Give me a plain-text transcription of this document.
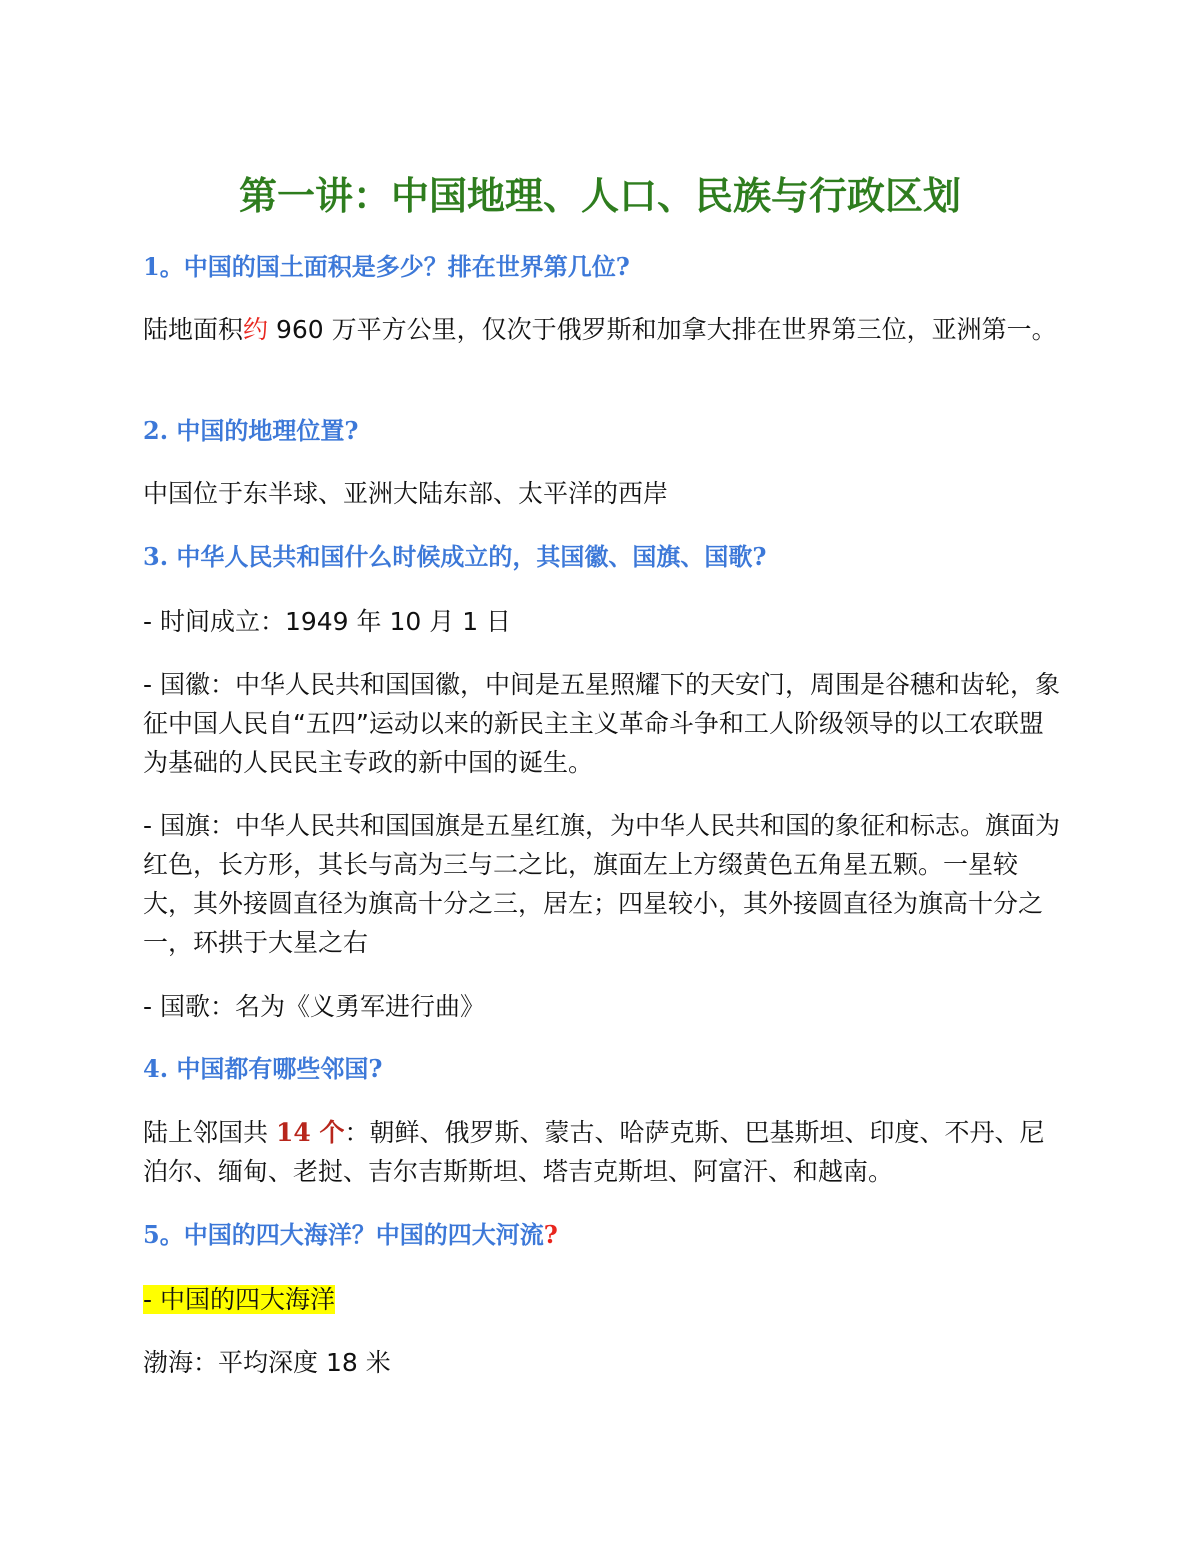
第一讲：中国地理、人口、民族与行政区划

1。中国的国土面积是多少？排在世界第几位?

陆地面积约 960 万平方公里，仅次于俄罗斯和加拿大排在世界第三位，亚洲第一。

2. 中国的地理位置?

中国位于东半球、亚洲大陆东部、太平洋的西岸

3. 中华人民共和国什么时候成立的，其国徽、国旗、国歌?

- 时间成立：1949 年 10 月 1 日

- 国徽：中华人民共和国国徽，中间是五星照耀下的天安门，周围是谷穗和齿轮，象征中国人民自“五四”运动以来的新民主主义革命斗争和工人阶级领导的以工农联盟为基础的人民民主专政的新中国的诞生。

- 国旗：中华人民共和国国旗是五星红旗，为中华人民共和国的象征和标志。旗面为红色，长方形，其长与高为三与二之比，旗面左上方缀黄色五角星五颗。一星较大，其外接圆直径为旗高十分之三，居左；四星较小，其外接圆直径为旗高十分之一，环拱于大星之右

- 国歌：名为《义勇军进行曲》

4. 中国都有哪些邻国?

陆上邻国共 14 个：朝鲜、俄罗斯、蒙古、哈萨克斯、巴基斯坦、印度、不丹、尼泊尔、缅甸、老挝、吉尔吉斯斯坦、塔吉克斯坦、阿富汗、和越南。

5。中国的四大海洋？中国的四大河流?

- 中国的四大海洋

渤海：平均深度 18 米
